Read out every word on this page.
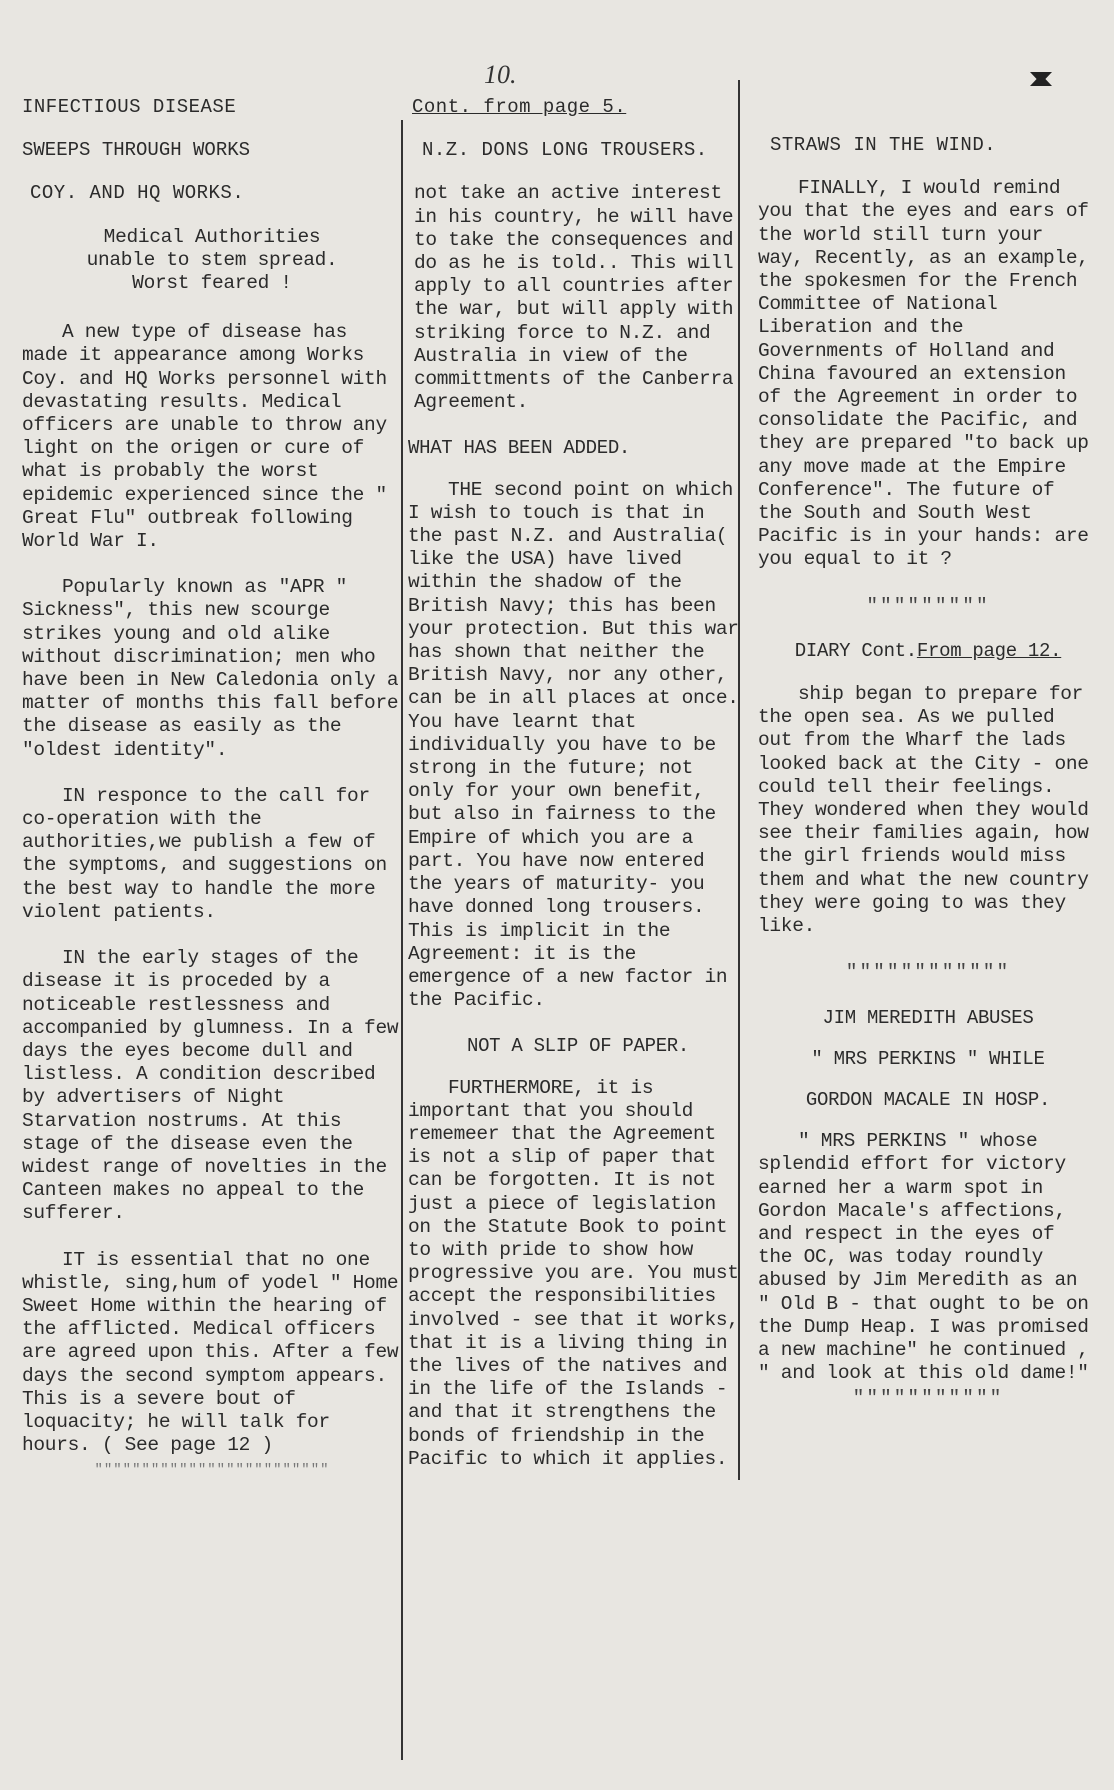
10.
INFECTIOUS DISEASE
SWEEPS THROUGH WORKS
COY. AND HQ WORKS.
Medical Authorities unable to stem spread. Worst feared !

A new type of disease has made it appearance among Works Coy. and HQ Works personnel with devastating results. Medical officers are unable to throw any light on the origen or cure of what is probably the worst epidemic experienced since the " Great Flu" outbreak following World War I.

Popularly known as "APR " Sickness", this new scourge strikes young and old alike without discrimination; men who have been in New Caledonia only a matter of months this fall before the disease as easily as the "oldest identity".

IN responce to the call for co-operation with the authorities,we publish a few of the symptoms, and suggestions on the best way to handle the more violent patients.

IN the early stages of the disease it is proceded by a noticeable restlessness and accompanied by glumness. In a few days the eyes become dull and listless. A condition described by advertisers of Night Starvation nostrums. At this stage of the disease even the widest range of novelties in the Canteen makes no appeal to the sufferer.

IT is essential that no one whistle, sing,hum of yodel " Home Sweet Home within the hearing of the afflicted. Medical officers are agreed upon this. After a few days the second symptom appears. This is a severe bout of loquacity; he will talk for hours. ( See page 12 )

"""""""""""""""""""""""""
Cont. from page 5.
N.Z. DONS LONG TROUSERS.

not take an active interest in his country, he will have to take the consequences and do as he is told.. This will apply to all countries after the war, but will apply with striking force to N.Z. and Australia in view of the committments of the Canberra Agreement.

WHAT HAS BEEN ADDED.

THE second point on which I wish to touch is that in the past N.Z. and Australia( like the USA) have lived within the shadow of the British Navy; this has been your protection. But this war has shown that neither the British Navy, nor any other, can be in all places at once. You have learnt that individually you have to be strong in the future; not only for your own benefit, but also in fairness to the Empire of which you are a part. You have now entered the years of maturity- you have donned long trousers. This is implicit in the Agreement: it is the emergence of a new factor in the Pacific.

NOT A SLIP OF PAPER.

FURTHERMORE, it is important that you should rememeer that the Agreement is not a slip of paper that can be forgotten. It is not just a piece of legislation on the Statute Book to point to with pride to show how progressive you are. You must accept the responsibilities involved - see that it works, that it is a living thing in the lives of the natives and in the life of the Islands - and that it strengthens the bonds of friendship in the Pacific to which it applies.

STRAWS IN THE WIND.

FINALLY, I would remind you that the eyes and ears of the world still turn your way, Recently, as an example, the spokesmen for the French Committee of National Liberation and the Governments of Holland and China favoured an extension of the Agreement in order to consolidate the Pacific, and they are prepared "to back up any move made at the Empire Conference". The future of the South and South West Pacific is in your hands: are you equal to it ?

"""""""""
DIARY Cont.From page 12.

ship began to prepare for the open sea. As we pulled out from the Wharf the lads looked back at the City - one could tell their feelings. They wondered when they would see their families again, how the girl friends would miss them and what the new country they were going to was they like.

""""""""""""
JIM MEREDITH ABUSES
" MRS PERKINS " WHILE
GORDON MACALE IN HOSP.

" MRS PERKINS " whose splendid effort for victory earned her a warm spot in Gordon Macale's affections, and respect in the eyes of the OC, was today roundly abused by Jim Meredith as an " Old B - that ought to be on the Dump Heap. I was promised a new machine" he continued , " and look at this old dame!"

"""""""""""
